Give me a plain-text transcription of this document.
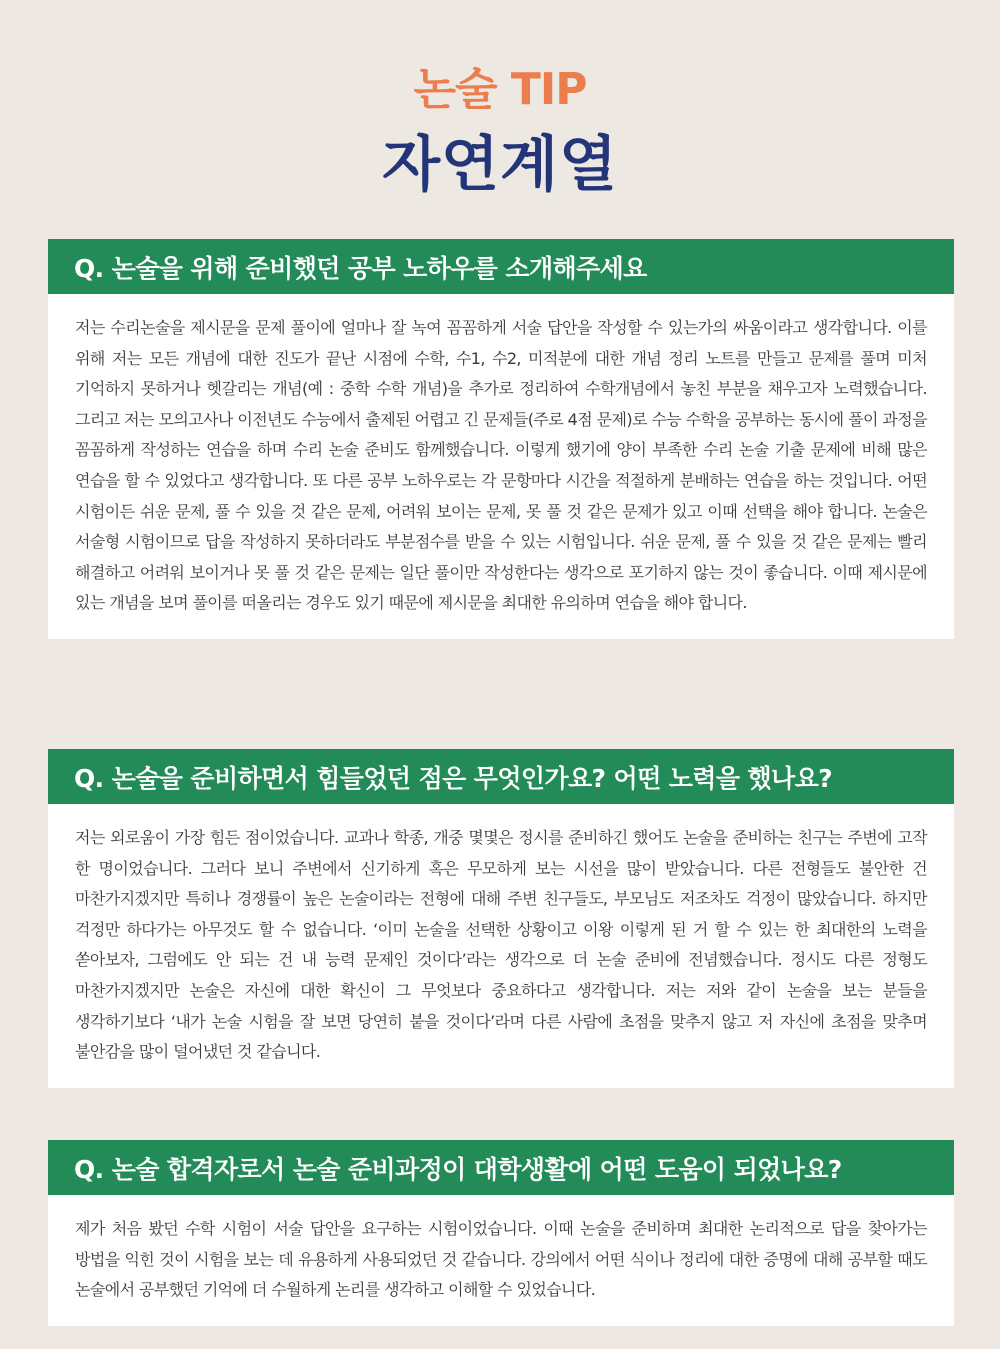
논술 TIP
자연계열
Q. 논술을 위해 준비했던 공부 노하우를 소개해주세요

저는 수리논술을 제시문을 문제 풀이에 얼마나 잘 녹여 꼼꼼하게 서술 답안을 작성할 수 있는가의 싸움이라고 생각합니다. 이를 위해 저는 모든 개념에 대한 진도가 끝난 시점에 수학, 수1, 수2, 미적분에 대한 개념 정리 노트를 만들고 문제를 풀며 미처 기억하지 못하거나 헷갈리는 개념(예 : 중학 수학 개념)을 추가로 정리하여 수학개념에서 놓친 부분을 채우고자 노력했습니다. 그리고 저는 모의고사나 이전년도 수능에서 출제된 어렵고 긴 문제들(주로 4점 문제)로 수능 수학을 공부하는 동시에 풀이 과정을 꼼꼼하게 작성하는 연습을 하며 수리 논술 준비도 함께했습니다. 이렇게 했기에 양이 부족한 수리 논술 기출 문제에 비해 많은 연습을 할 수 있었다고 생각합니다. 또 다른 공부 노하우로는 각 문항마다 시간을 적절하게 분배하는 연습을 하는 것입니다. 어떤 시험이든 쉬운 문제, 풀 수 있을 것 같은 문제, 어려워 보이는 문제, 못 풀 것 같은 문제가 있고 이때 선택을 해야 합니다. 논술은 서술형 시험이므로 답을 작성하지 못하더라도 부분점수를 받을 수 있는 시험입니다. 쉬운 문제, 풀 수 있을 것 같은 문제는 빨리 해결하고 어려워 보이거나 못 풀 것 같은 문제는 일단 풀이만 작성한다는 생각으로 포기하지 않는 것이 좋습니다. 이때 제시문에 있는 개념을 보며 풀이를 떠올리는 경우도 있기 때문에 제시문을 최대한 유의하며 연습을 해야 합니다.

Q. 논술을 준비하면서 힘들었던 점은 무엇인가요? 어떤 노력을 했나요?

저는 외로움이 가장 힘든 점이었습니다. 교과나 학종, 개중 몇몇은 정시를 준비하긴 했어도 논술을 준비하는 친구는 주변에 고작 한 명이었습니다. 그러다 보니 주변에서 신기하게 혹은 무모하게 보는 시선을 많이 받았습니다. 다른 전형들도 불안한 건 마찬가지겠지만 특히나 경쟁률이 높은 논술이라는 전형에 대해 주변 친구들도, 부모님도 저조차도 걱정이 많았습니다. 하지만 걱정만 하다가는 아무것도 할 수 없습니다. ‘이미 논술을 선택한 상황이고 이왕 이렇게 된 거 할 수 있는 한 최대한의 노력을 쏟아보자, 그럼에도 안 되는 건 내 능력 문제인 것이다’라는 생각으로 더 논술 준비에 전념했습니다. 정시도 다른 정형도 마찬가지겠지만 논술은 자신에 대한 확신이 그 무엇보다 중요하다고 생각합니다. 저는 저와 같이 논술을 보는 분들을 생각하기보다 ‘내가 논술 시험을 잘 보면 당연히 붙을 것이다’라며 다른 사람에 초점을 맞추지 않고 저 자신에 초점을 맞추며 불안감을 많이 덜어냈던 것 같습니다.

Q. 논술 합격자로서 논술 준비과정이 대학생활에 어떤 도움이 되었나요?

제가 처음 봤던 수학 시험이 서술 답안을 요구하는 시험이었습니다. 이때 논술을 준비하며 최대한 논리적으로 답을 찾아가는 방법을 익힌 것이 시험을 보는 데 유용하게 사용되었던 것 같습니다. 강의에서 어떤 식이나 정리에 대한 증명에 대해 공부할 때도 논술에서 공부했던 기억에 더 수월하게 논리를 생각하고 이해할 수 있었습니다.
